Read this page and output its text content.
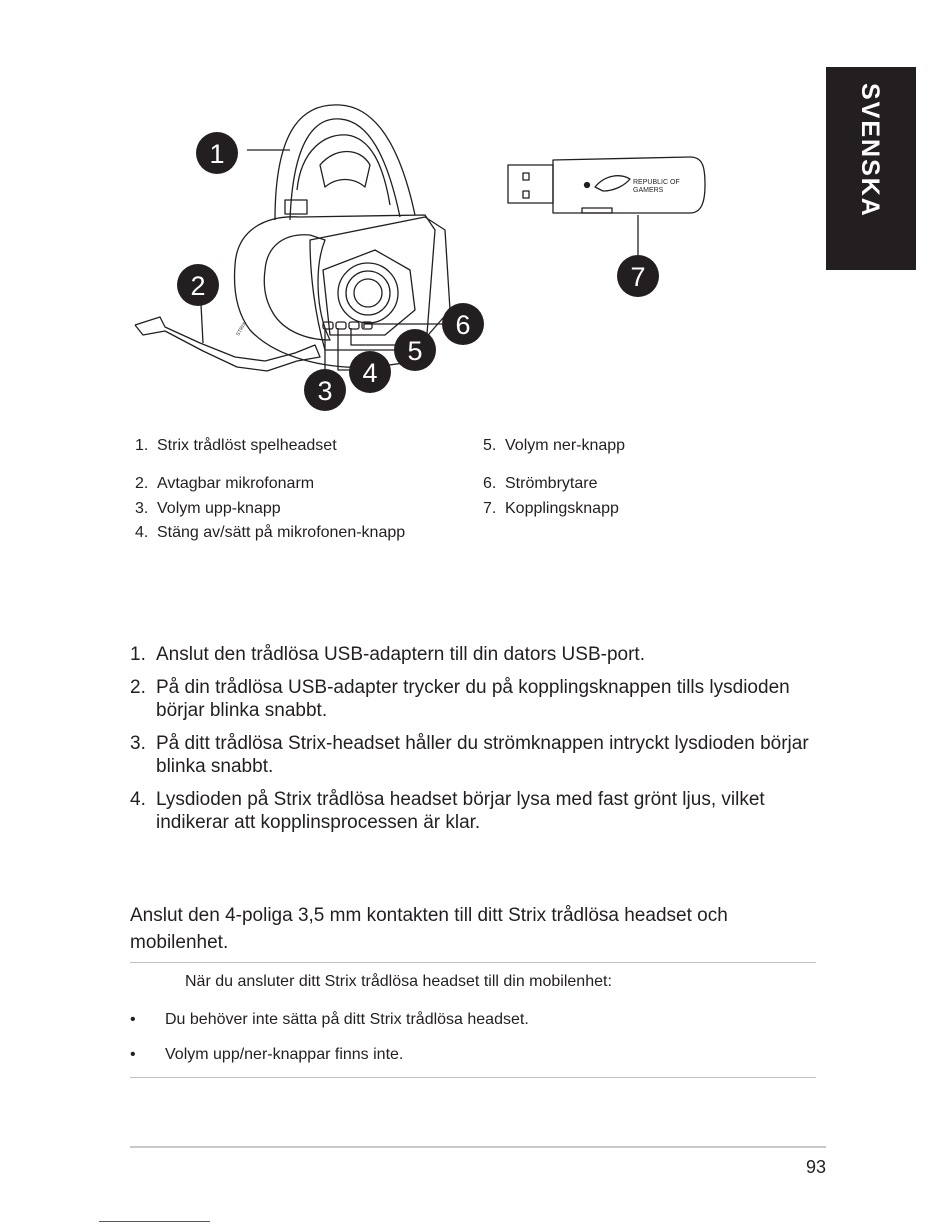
SVENSKA
STRIX
REPUBLIC OF
GAMERS
1
2
3
4
5
6
7
1. Strix trådlöst spelheadset
2. Avtagbar mikrofonarm
3. Volym upp-knapp
4. Stäng av/sätt på mikrofonen-knapp
5. Volym ner-knapp
6. Strömbrytare
7. Kopplingsknapp
1. Anslut den trådlösa USB-adaptern till din dators USB-port.
2. På din trådlösa USB-adapter trycker du på kopplingsknappen tills lysdioden börjar blinka snabbt.
3. På ditt trådlösa Strix-headset håller du strömknappen intryckt lysdioden börjar blinka snabbt.
4. Lysdioden på Strix trådlösa headset börjar lysa med fast grönt ljus, vilket indikerar att kopplinsprocessen är klar.
Anslut den 4-poliga 3,5 mm kontakten till ditt Strix trådlösa headset och mobilenhet.
När du ansluter ditt Strix trådlösa headset till din mobilenhet:
• Du behöver inte sätta på ditt Strix trådlösa headset.
• Volym upp/ner-knappar finns inte.
93
